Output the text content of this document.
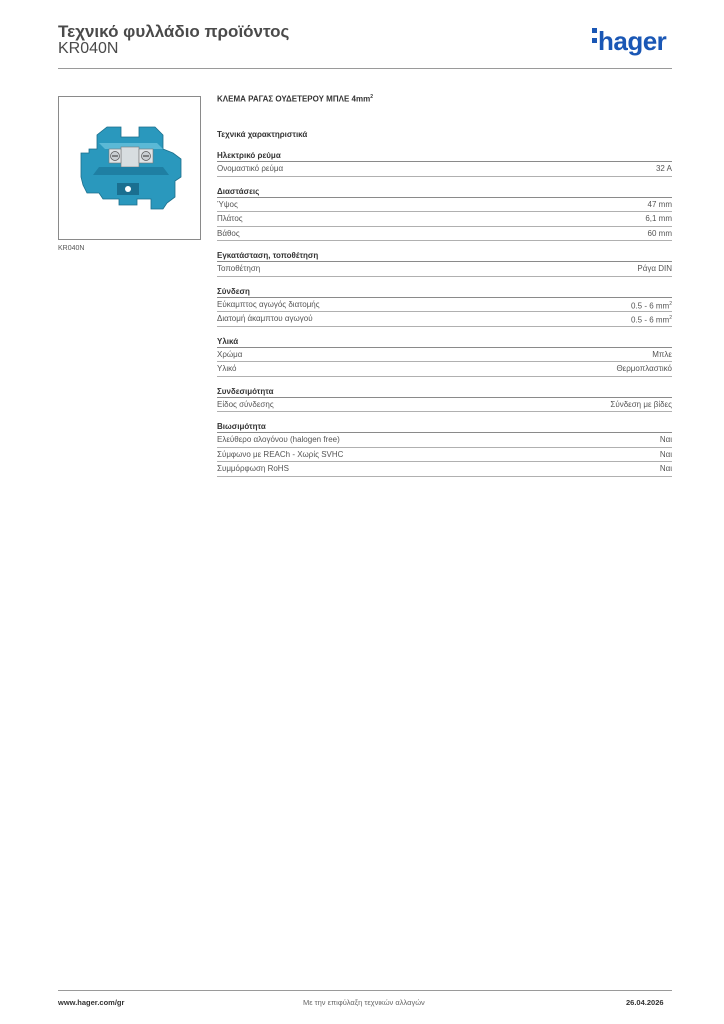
Τεχνικό φυλλάδιο προϊόντος
KR040N	hager
KR040N
ΚΛΕΜΑ ΡΑΓΑΣ ΟΥΔΕΤΕΡΟΥ ΜΠΛΕ $4mm^2$
Τεχνικά χαρακτηριστικά
Ηλεκτρικό ρεύμα
Ονομαστικό ρεύμα	32 A
Διαστάσεις
Ύψος	47 mm
Πλάτος	6,1 mm
Βάθος	60 mm
Εγκατάσταση, τοποθέτηση
Τοποθέτηση	Ράγα DIN
Σύνδεση
Εύκαμπτος αγωγός διατομής	0.5 - 6 $mm^2$
Διατομή άκαμπτου αγωγού	0.5 - 6 $mm^2$
Υλικά
Χρώμα	Μπλε
Υλικό	Θερμοπλαστικό
Συνδεσιμότητα
Είδος σύνδεσης	Σύνδεση με βίδες
Βιωσιμότητα
Ελεύθερο αλογόνου (halogen free)	Ναι
Σύμφωνο με REACh - Χωρίς SVHC	Ναι
Συμμόρφωση RoHS	Ναι
www.hager.com/gr	Με την επιφύλαξη τεχνικών αλλαγών	26.04.2026
